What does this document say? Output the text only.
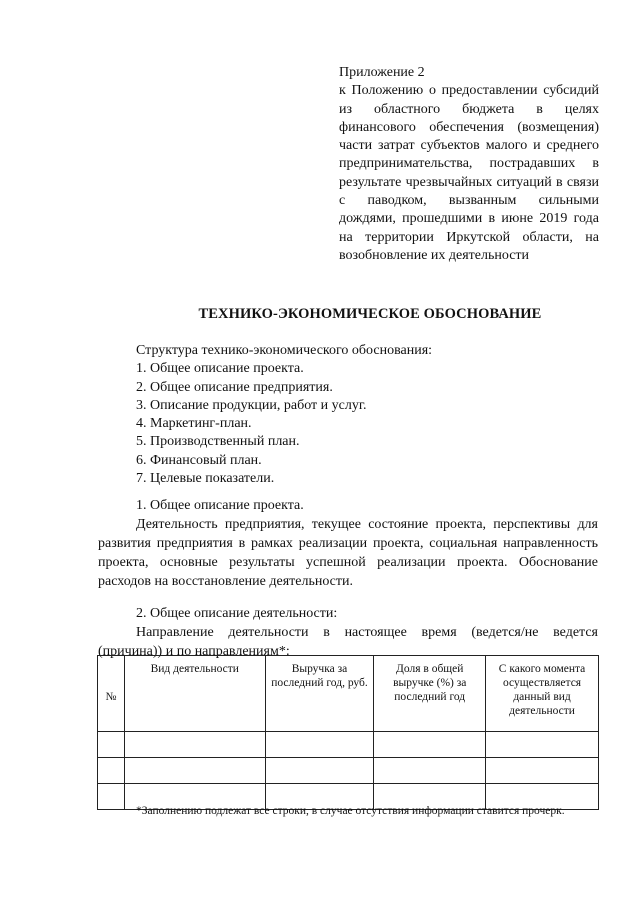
Приложение 2
к Положению о предоставлении субсидий из областного бюджета в целях финансового обеспечения (возмещения) части затрат субъектов малого и среднего предпринимательства, пострадавших в результате чрезвычайных ситуаций в связи с паводком, вызванным сильными дождями, прошедшими в июне 2019 года на территории Иркутской области, на возобновление их деятельности
ТЕХНИКО-ЭКОНОМИЧЕСКОЕ ОБОСНОВАНИЕ
Структура технико-экономического обоснования:
1. Общее описание проекта.
2. Общее описание предприятия.
3. Описание продукции, работ и услуг.
4. Маркетинг-план.
5. Производственный план.
6. Финансовый план.
7. Целевые показатели.
1. Общее описание проекта.
Деятельность предприятия, текущее состояние проекта, перспективы для развития предприятия в рамках реализации проекта, социальная направленность проекта, основные результаты успешной реализации проекта. Обоснование расходов на восстановление деятельности.
2. Общее описание деятельности:
Направление деятельности в настоящее время (ведется/не ведется (причина)) и по направлениям*:
№	Вид деятельности	Выручка за последний год, руб.	Доля в общей выручке (%) за последний год	С какого момента осуществляется данный вид деятельности

*Заполнению подлежат все строки, в случае отсутствия информации ставится прочерк.
